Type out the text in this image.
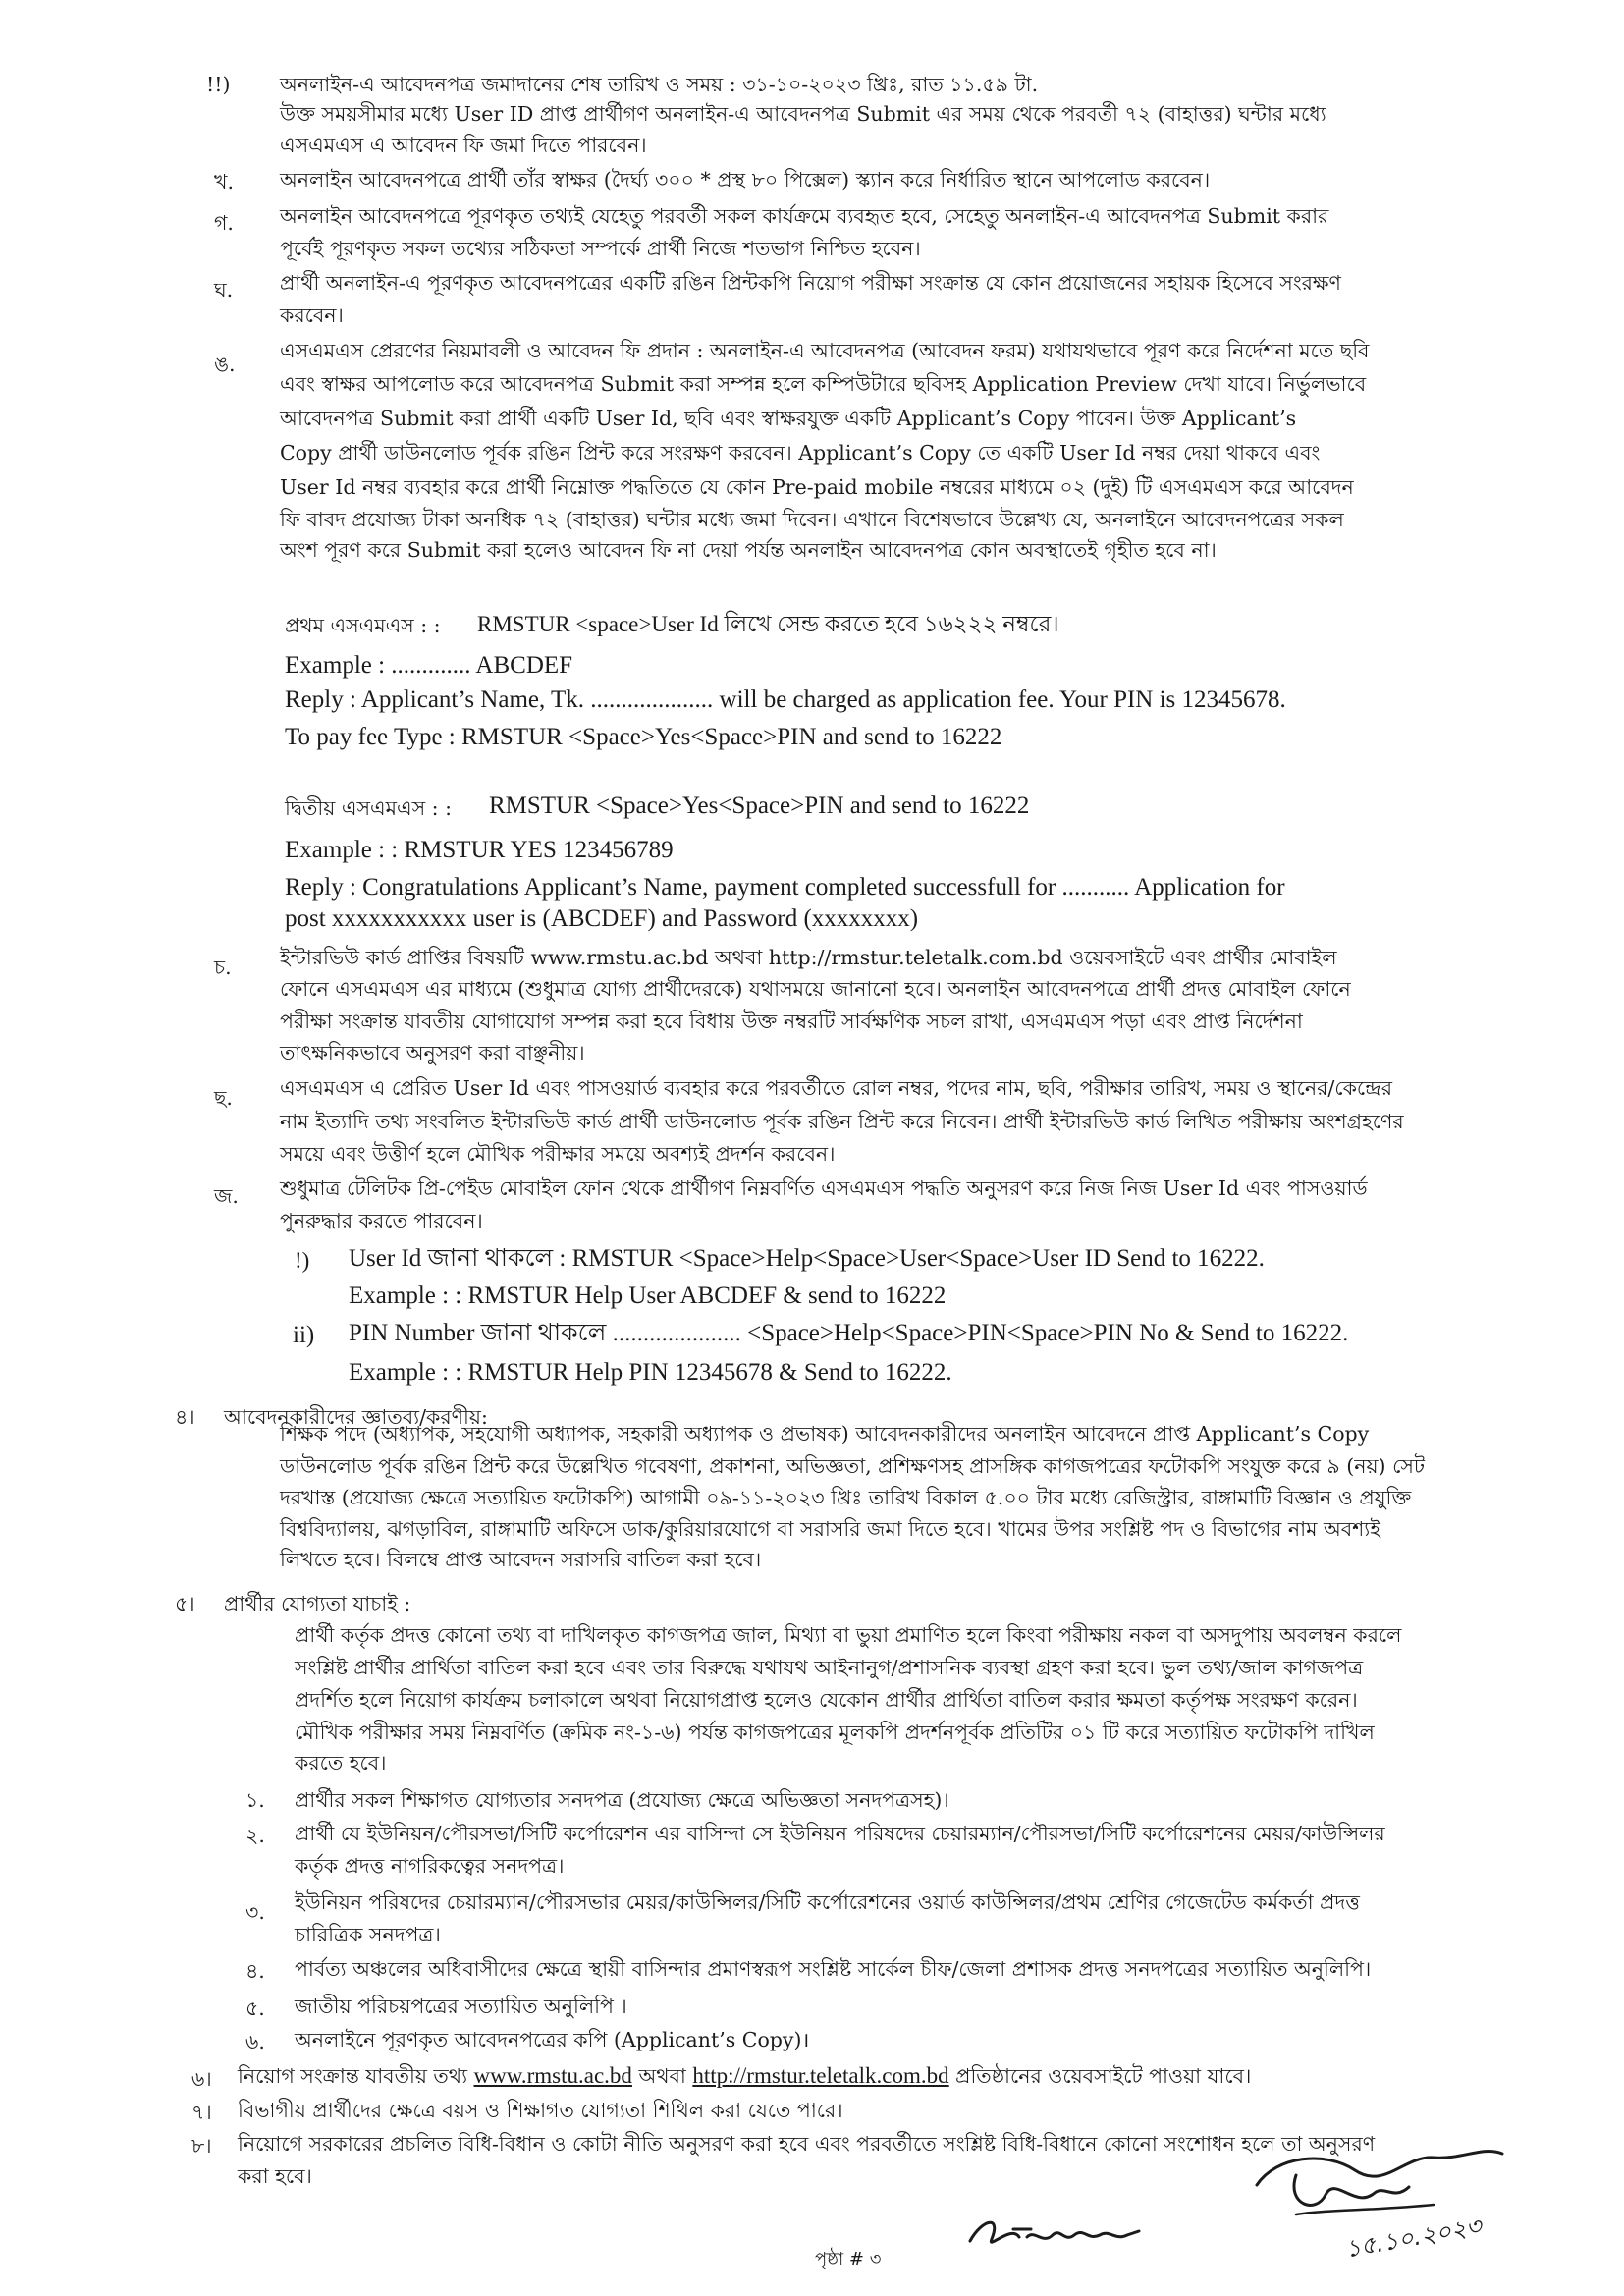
!!) অনলাইন-এ আবেদনপত্র জমাদানের শেষ তারিখ ও সময় : ৩১-১০-২০২৩ খ্রিঃ, রাত ১১.৫৯ টা.
উক্ত সময়সীমার মধ্যে User ID প্রাপ্ত প্রার্থীগণ অনলাইন-এ আবেদনপত্র Submit এর সময় থেকে পরবর্তী ৭২ (বাহাত্তর) ঘন্টার মধ্যে
এসএমএস এ আবেদন ফি জমা দিতে পারবেন।
খ. অনলাইন আবেদনপত্রে প্রার্থী তাঁর স্বাক্ষর (দৈর্ঘ্য ৩০০ * প্রস্থ ৮০ পিক্সেল) স্ক্যান করে নির্ধারিত স্থানে আপলোড করবেন।
গ. অনলাইন আবেদনপত্রে পূরণকৃত তথ্যই যেহেতু পরবর্তী সকল কার্যক্রমে ব্যবহৃত হবে, সেহেতু অনলাইন-এ আবেদনপত্র Submit করার
পূর্বেই পূরণকৃত সকল তথ্যের সঠিকতা সম্পর্কে প্রার্থী নিজে শতভাগ নিশ্চিত হবেন।
ঘ. প্রার্থী অনলাইন-এ পূরণকৃত আবেদনপত্রের একটি রঙিন প্রিন্টকপি নিয়োগ পরীক্ষা সংক্রান্ত যে কোন প্রয়োজনের সহায়ক হিসেবে সংরক্ষণ
করবেন।
ঙ.
এসএমএস প্রেরণের নিয়মাবলী ও আবেদন ফি প্রদান : অনলাইন-এ আবেদনপত্র (আবেদন ফরম) যথাযথভাবে পূরণ করে নির্দেশনা মতে ছবি
এবং স্বাক্ষর আপলোড করে আবেদনপত্র Submit করা সম্পন্ন হলে কম্পিউটারে ছবিসহ Application Preview দেখা যাবে। নির্ভুলভাবে
আবেদনপত্র Submit করা প্রার্থী একটি User Id, ছবি এবং স্বাক্ষরযুক্ত একটি Applicant’s Copy পাবেন। উক্ত Applicant’s
Copy প্রার্থী ডাউনলোড পূর্বক রঙিন প্রিন্ট করে সংরক্ষণ করবেন। Applicant’s Copy তে একটি User Id নম্বর দেয়া থাকবে এবং
User Id নম্বর ব্যবহার করে প্রার্থী নিম্নোক্ত পদ্ধতিতে যে কোন Pre-paid mobile নম্বরের মাধ্যমে ০২ (দুই) টি এসএমএস করে আবেদন
ফি বাবদ প্রযোজ্য টাকা অনধিক ৭২ (বাহাত্তর) ঘন্টার মধ্যে জমা দিবেন। এখানে বিশেষভাবে উল্লেখ্য যে, অনলাইনে আবেদনপত্রের সকল
অংশ পূরণ করে Submit করা হলেও আবেদন ফি না দেয়া পর্যন্ত অনলাইন আবেদনপত্র কোন অবস্থাতেই গৃহীত হবে না।
প্রথম এসএমএস : : RMSTUR <space>User Id লিখে সেন্ড করতে হবে ১৬২২২ নম্বরে।
Example : ............. ABCDEF
Reply : Applicant’s Name, Tk. .................... will be charged as application fee. Your PIN is 12345678.
To pay fee Type : RMSTUR <Space>Yes<Space>PIN and send to 16222
দ্বিতীয় এসএমএস : : RMSTUR <Space>Yes<Space>PIN and send to 16222
Example : : RMSTUR YES 123456789
Reply : Congratulations Applicant’s Name, payment completed successfull for ........... Application for
post xxxxxxxxxxx user is (ABCDEF) and Password (xxxxxxxx)
চ. ইন্টারভিউ কার্ড প্রাপ্তির বিষয়টি www.rmstu.ac.bd অথবা http://rmstur.teletalk.com.bd ওয়েবসাইটে এবং প্রার্থীর মোবাইল
ফোনে এসএমএস এর মাধ্যমে (শুধুমাত্র যোগ্য প্রার্থীদেরকে) যথাসময়ে জানানো হবে। অনলাইন আবেদনপত্রে প্রার্থী প্রদত্ত মোবাইল ফোনে
পরীক্ষা সংক্রান্ত যাবতীয় যোগাযোগ সম্পন্ন করা হবে বিধায় উক্ত নম্বরটি সার্বক্ষণিক সচল রাখা, এসএমএস পড়া এবং প্রাপ্ত নির্দেশনা
তাৎক্ষনিকভাবে অনুসরণ করা বাঞ্ছনীয়।
ছ. এসএমএস এ প্রেরিত User Id এবং পাসওয়ার্ড ব্যবহার করে পরবর্তীতে রোল নম্বর, পদের নাম, ছবি, পরীক্ষার তারিখ, সময় ও স্থানের/কেন্দ্রের
নাম ইত্যাদি তথ্য সংবলিত ইন্টারভিউ কার্ড প্রার্থী ডাউনলোড পূর্বক রঙিন প্রিন্ট করে নিবেন। প্রার্থী ইন্টারভিউ কার্ড লিখিত পরীক্ষায় অংশগ্রহণের
সময়ে এবং উত্তীর্ণ হলে মৌখিক পরীক্ষার সময়ে অবশ্যই প্রদর্শন করবেন।
জ. শুধুমাত্র টেলিটক প্রি-পেইড মোবাইল ফোন থেকে প্রার্থীগণ নিম্নবর্ণিত এসএমএস পদ্ধতি অনুসরণ করে নিজ নিজ User Id এবং পাসওয়ার্ড
পুনরুদ্ধার করতে পারবেন।
!) User Id জানা থাকলে : RMSTUR <Space>Help<Space>User<Space>User ID Send to 16222.
Example : : RMSTUR Help User ABCDEF & send to 16222
ii) PIN Number জানা থাকলে ..................... <Space>Help<Space>PIN<Space>PIN No & Send to 16222.
Example : : RMSTUR Help PIN 12345678 & Send to 16222.
৪। আবেদনকারীদের জ্ঞাতব্য/করণীয়:
শিক্ষক পদে (অধ্যাপক, সহযোগী অধ্যাপক, সহকারী অধ্যাপক ও প্রভাষক) আবেদনকারীদের অনলাইন আবেদনে প্রাপ্ত Applicant’s Copy
ডাউনলোড পূর্বক রঙিন প্রিন্ট করে উল্লেখিত গবেষণা, প্রকাশনা, অভিজ্ঞতা, প্রশিক্ষণসহ প্রাসঙ্গিক কাগজপত্রের ফটোকপি সংযুক্ত করে ৯ (নয়) সেট
দরখাস্ত (প্রযোজ্য ক্ষেত্রে সত্যায়িত ফটোকপি) আগামী ০৯-১১-২০২৩ খ্রিঃ তারিখ বিকাল ৫.০০ টার মধ্যে রেজিস্ট্রার, রাঙ্গামাটি বিজ্ঞান ও প্রযুক্তি
বিশ্ববিদ্যালয়, ঝগড়াবিল, রাঙ্গামাটি অফিসে ডাক/কুরিয়ারযোগে বা সরাসরি জমা দিতে হবে। খামের উপর সংশ্লিষ্ট পদ ও বিভাগের নাম অবশ্যই
লিখতে হবে। বিলম্বে প্রাপ্ত আবেদন সরাসরি বাতিল করা হবে।
৫। প্রার্থীর যোগ্যতা যাচাই :
প্রার্থী কর্তৃক প্রদত্ত কোনো তথ্য বা দাখিলকৃত কাগজপত্র জাল, মিথ্যা বা ভুয়া প্রমাণিত হলে কিংবা পরীক্ষায় নকল বা অসদুপায় অবলম্বন করলে
সংশ্লিষ্ট প্রার্থীর প্রার্থিতা বাতিল করা হবে এবং তার বিরুদ্ধে যথাযথ আইনানুগ/প্রশাসনিক ব্যবস্থা গ্রহণ করা হবে। ভুল তথ্য/জাল কাগজপত্র
প্রদর্শিত হলে নিয়োগ কার্যক্রম চলাকালে অথবা নিয়োগপ্রাপ্ত হলেও যেকোন প্রার্থীর প্রার্থিতা বাতিল করার ক্ষমতা কর্তৃপক্ষ সংরক্ষণ করেন।
মৌখিক পরীক্ষার সময় নিম্নবর্ণিত (ক্রমিক নং-১-৬) পর্যন্ত কাগজপত্রের মূলকপি প্রদর্শনপূর্বক প্রতিটির ০১ টি করে সত্যায়িত ফটোকপি দাখিল
করতে হবে।
১. প্রার্থীর সকল শিক্ষাগত যোগ্যতার সনদপত্র (প্রযোজ্য ক্ষেত্রে অভিজ্ঞতা সনদপত্রসহ)।
২. প্রার্থী যে ইউনিয়ন/পৌরসভা/সিটি কর্পোরেশন এর বাসিন্দা সে ইউনিয়ন পরিষদের চেয়ারম্যান/পৌরসভা/সিটি কর্পোরেশনের মেয়র/কাউন্সিলর
কর্তৃক প্রদত্ত নাগরিকত্বের সনদপত্র।
৩. ইউনিয়ন পরিষদের চেয়ারম্যান/পৌরসভার মেয়র/কাউন্সিলর/সিটি কর্পোরেশনের ওয়ার্ড কাউন্সিলর/প্রথম শ্রেণির গেজেটেড কর্মকর্তা প্রদত্ত
চারিত্রিক সনদপত্র।
৪. পার্বত্য অঞ্চলের অধিবাসীদের ক্ষেত্রে স্থায়ী বাসিন্দার প্রমাণস্বরূপ সংশ্লিষ্ট সার্কেল চীফ/জেলা প্রশাসক প্রদত্ত সনদপত্রের সত্যায়িত অনুলিপি।
৫. জাতীয় পরিচয়পত্রের সত্যায়িত অনুলিপি ।
৬. অনলাইনে পূরণকৃত আবেদনপত্রের কপি (Applicant’s Copy)।
৬। নিয়োগ সংক্রান্ত যাবতীয় তথ্য www.rmstu.ac.bd অথবা http://rmstur.teletalk.com.bd প্রতিষ্ঠানের ওয়েবসাইটে পাওয়া যাবে।
৭। বিভাগীয় প্রার্থীদের ক্ষেত্রে বয়স ও শিক্ষাগত যোগ্যতা শিথিল করা যেতে পারে।
৮। নিয়োগে সরকারের প্রচলিত বিধি-বিধান ও কোটা নীতি অনুসরণ করা হবে এবং পরবর্তীতে সংশ্লিষ্ট বিধি-বিধানে কোনো সংশোধন হলে তা অনুসরণ
করা হবে।
পৃষ্ঠা # ৩	১৫.১০.২০২৩
